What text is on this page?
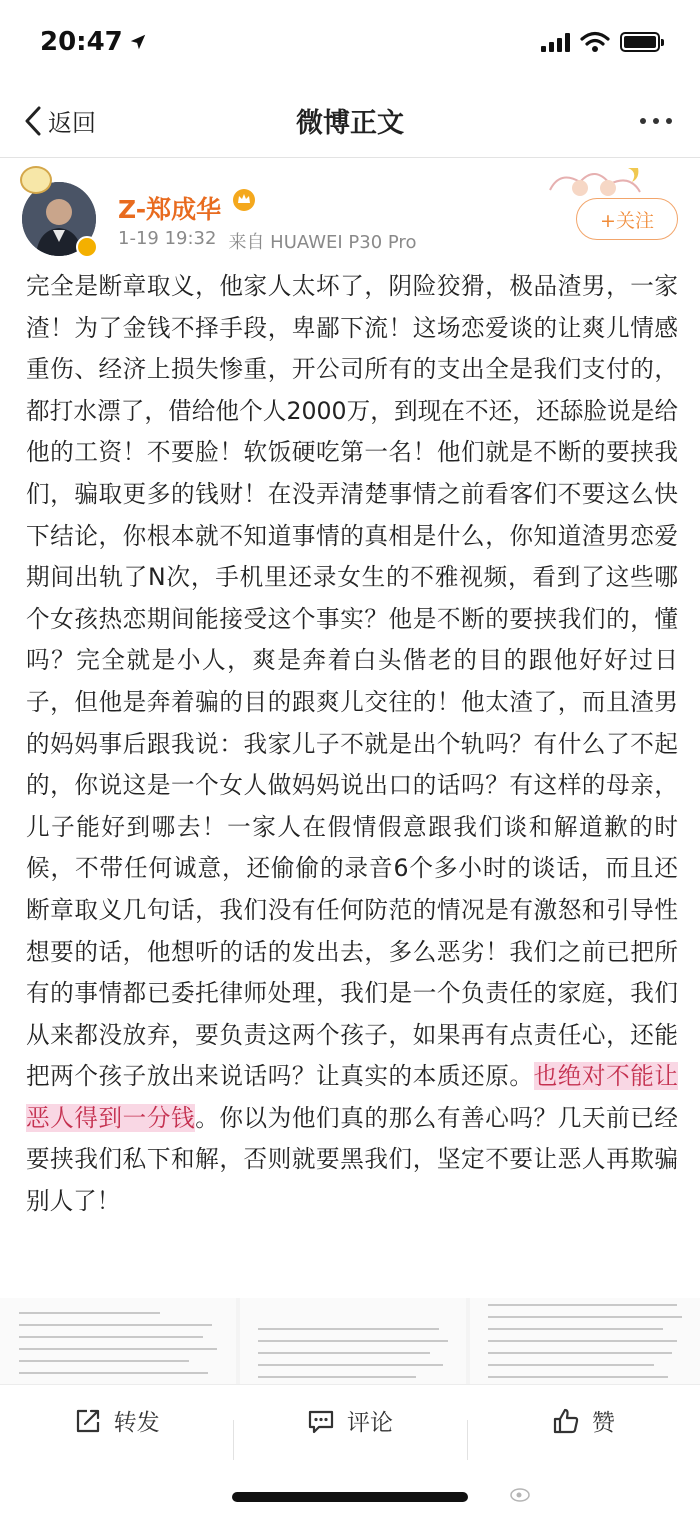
20:47
返回	微博正文
Z-郑成华
1-19 19:32 来自 HUAWEI P30 Pro
+关注
完全是断章取义，他家人太坏了，阴险狡猾，极品渣男，一家渣！为了金钱不择手段，卑鄙下流！这场恋爱谈的让爽儿情感重伤、经济上损失惨重，开公司所有的支出全是我们支付的，都打水漂了，借给他个人2000万，到现在不还，还舔脸说是给他的工资！不要脸！软饭硬吃第一名！他们就是不断的要挟我们，骗取更多的钱财！在没弄清楚事情之前看客们不要这么快下结论，你根本就不知道事情的真相是什么，你知道渣男恋爱期间出轨了N次，手机里还录女生的不雅视频，看到了这些哪个女孩热恋期间能接受这个事实？他是不断的要挟我们的，懂吗？完全就是小人，爽是奔着白头偕老的目的跟他好好过日子，但他是奔着骗的目的跟爽儿交往的！他太渣了，而且渣男的妈妈事后跟我说：我家儿子不就是出个轨吗？有什么了不起的，你说这是一个女人做妈妈说出口的话吗？有这样的母亲，儿子能好到哪去！一家人在假情假意跟我们谈和解道歉的时候，不带任何诚意，还偷偷的录音6个多小时的谈话，而且还断章取义几句话，我们没有任何防范的情况是有激怒和引导性想要的话，他想听的话的发出去，多么恶劣！我们之前已把所有的事情都已委托律师处理，我们是一个负责任的家庭，我们从来都没放弃，要负责这两个孩子，如果再有点责任心，还能把两个孩子放出来说话吗？让真实的本质还原。也绝对不能让恶人得到一分钱。你以为他们真的那么有善心吗？几天前已经要挟我们私下和解，否则就要黑我们，坚定不要让恶人再欺骗别人了！
转发	评论	赞
